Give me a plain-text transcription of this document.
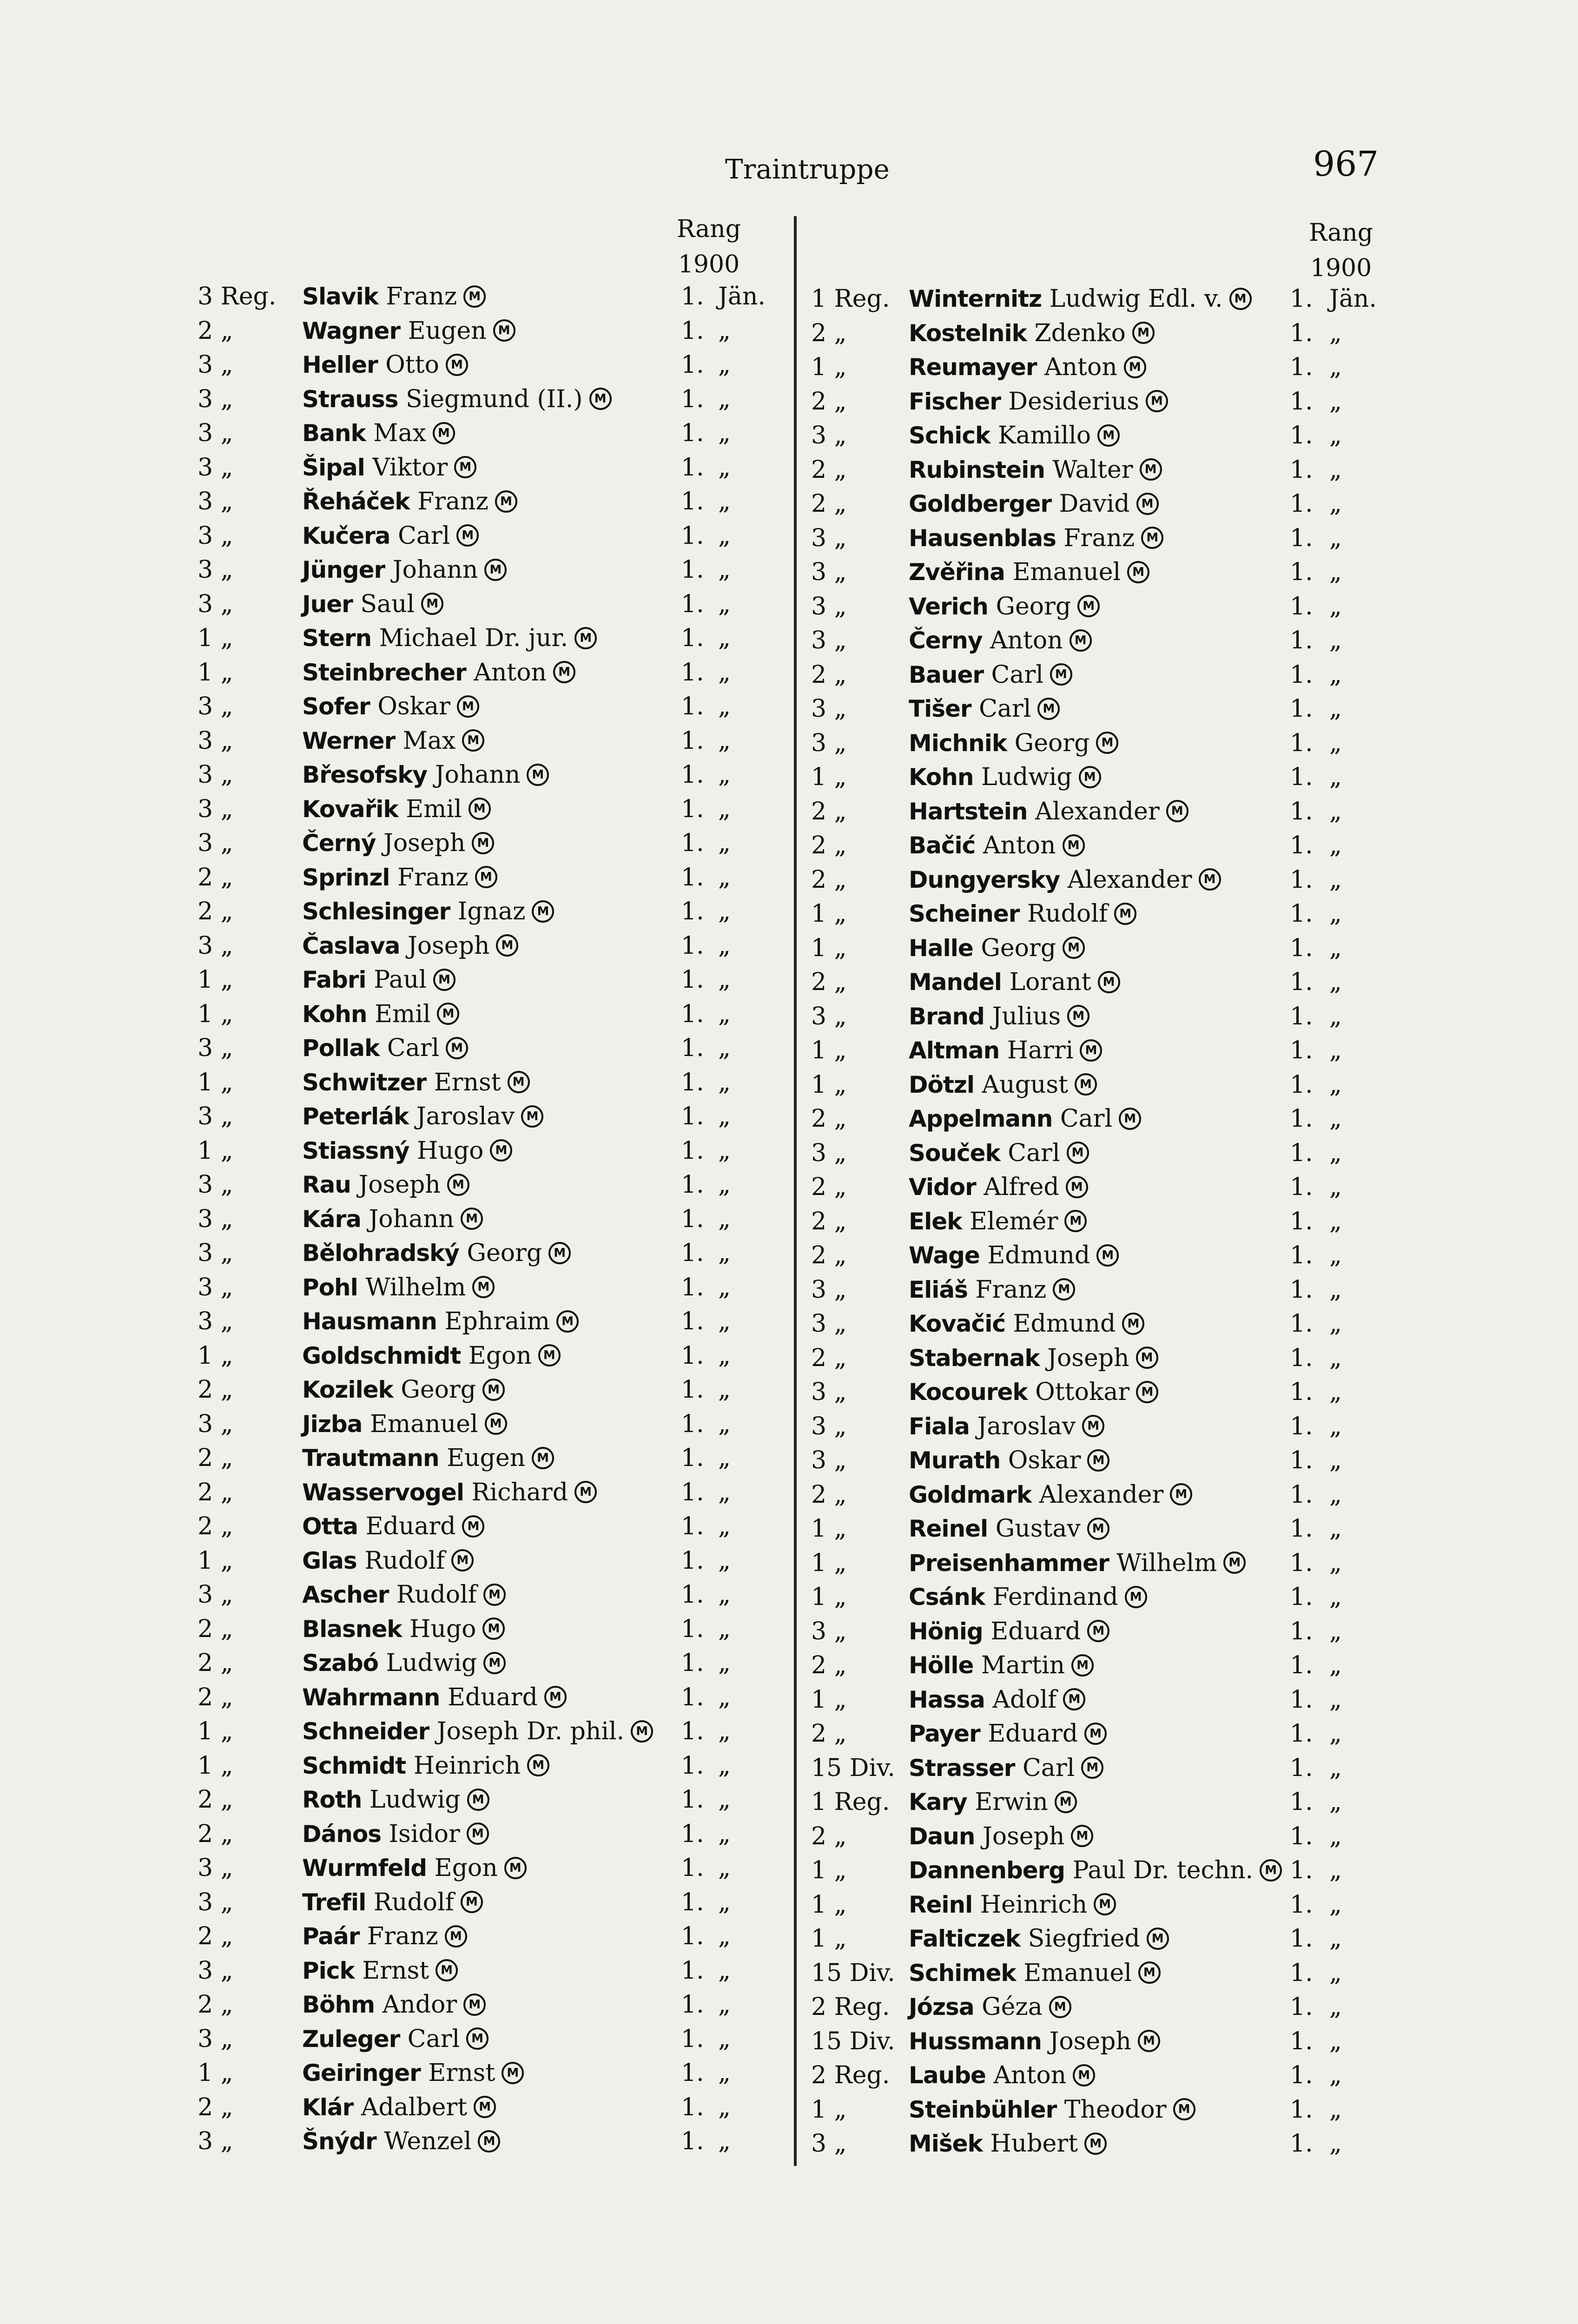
Traintruppe	967
Rang
1900
Rang
1900
3 Reg. Slavik Franz M	1. Jän.
2 „	Wagner Eugen M	1. „
3 „	Heller Otto M	1. „
3 „	Strauss Siegmund (II.) M	1. „
3 „	Bank Max M	1. „
3 „	Šipal Viktor M	1. „
3 „	Řeháček Franz M	1. „
3 „	Kučera Carl M	1. „
3 „	Jünger Johann M	1. „
3 „	Juer Saul M	1. „
1 „	Stern Michael Dr. jur. M	1. „
1 „	Steinbrecher Anton M	1. „
3 „	Sofer Oskar M	1. „
3 „	Werner Max M	1. „
3 „	Břesofsky Johann M	1. „
3 „	Kovařik Emil M	1. „
3 „	Černý Joseph M	1. „
2 „	Sprinzl Franz M	1. „
2 „	Schlesinger Ignaz M	1. „
3 „	Časlava Joseph M	1. „
1 „	Fabri Paul M	1. „
1 „	Kohn Emil M	1. „
3 „	Pollak Carl M	1. „
1 „	Schwitzer Ernst M	1. „
3 „	Peterlák Jaroslav M	1. „
1 „	Stiassný Hugo M	1. „
3 „	Rau Joseph M	1. „
3 „	Kára Johann M	1. „
3 „	Bělohradský Georg M	1. „
3 „	Pohl Wilhelm M	1. „
3 „	Hausmann Ephraim M	1. „
1 „	Goldschmidt Egon M	1. „
2 „	Kozilek Georg M	1. „
3 „	Jizba Emanuel M	1. „
2 „	Trautmann Eugen M	1. „
2 „	Wasservogel Richard M	1. „
2 „	Otta Eduard M	1. „
1 „	Glas Rudolf M	1. „
3 „	Ascher Rudolf M	1. „
2 „	Blasnek Hugo M	1. „
2 „	Szabó Ludwig M	1. „
2 „	Wahrmann Eduard M	1. „
1 „	Schneider Joseph Dr. phil. M 1. „
1 „	Schmidt Heinrich M	1. „
2 „	Roth Ludwig M	1. „
2 „	Dános Isidor M	1. „
3 „	Wurmfeld Egon M	1. „
3 „	Trefil Rudolf M	1. „
2 „	Paár Franz M	1. „
3 „	Pick Ernst M	1. „
2 „	Böhm Andor M	1. „
3 „	Zuleger Carl M	1. „
1 „	Geiringer Ernst M	1. „
2 „	Klár Adalbert M	1. „
3 „	Šnýdr Wenzel M	1. „
1 Reg. Winternitz Ludwig Edl. v. M 1. Jän.
2 „	Kostelnik Zdenko M	1. „
1 „	Reumayer Anton M	1. „
2 „	Fischer Desiderius M	1. „
3 „	Schick Kamillo M	1. „
2 „	Rubinstein Walter M	1. „
2 „	Goldberger David M	1. „
3 „	Hausenblas Franz M	1. „
3 „	Zvěřina Emanuel M	1. „
3 „	Verich Georg M	1. „
3 „	Černy Anton M	1. „
2 „	Bauer Carl M	1. „
3 „	Tišer Carl M	1. „
3 „	Michnik Georg M	1. „
1 „	Kohn Ludwig M	1. „
2 „	Hartstein Alexander M	1. „
2 „	Bačić Anton M	1. „
2 „	Dungyersky Alexander M	1. „
1 „	Scheiner Rudolf M	1. „
1 „	Halle Georg M	1. „
2 „	Mandel Lorant M	1. „
3 „	Brand Julius M	1. „
1 „	Altman Harri M	1. „
1 „	Dötzl August M	1. „
2 „	Appelmann Carl M	1. „
3 „	Souček Carl M	1. „
2 „	Vidor Alfred M	1. „
2 „	Elek Elemér M	1. „
2 „	Wage Edmund M	1. „
3 „	Eliáš Franz M	1. „
3 „	Kovačić Edmund M	1. „
2 „	Stabernak Joseph M	1. „
3 „	Kocourek Ottokar M	1. „
3 „	Fiala Jaroslav M	1. „
3 „	Murath Oskar M	1. „
2 „	Goldmark Alexander M	1. „
1 „	Reinel Gustav M	1. „
1 „	Preisenhammer Wilhelm M 1. „
1 „	Csánk Ferdinand M	1. „
3 „	Hönig Eduard M	1. „
2 „	Hölle Martin M	1. „
1 „	Hassa Adolf M	1. „
2 „	Payer Eduard M	1. „
15 Div. Strasser Carl M	1. „
1 Reg. Kary Erwin M	1. „
2 „	Daun Joseph M	1. „
1 „	Dannenberg Paul Dr. techn. M 1. „
1 „	Reinl Heinrich M	1. „
1 „	Falticzek Siegfried M	1. „
15 Div. Schimek Emanuel M	1. „
2 Reg. Józsa Géza M	1. „
15 Div. Hussmann Joseph M	1. „
2 Reg. Laube Anton M	1. „
1 „	Steinbühler Theodor M	1. „
3 „	Mišek Hubert M	1. „
